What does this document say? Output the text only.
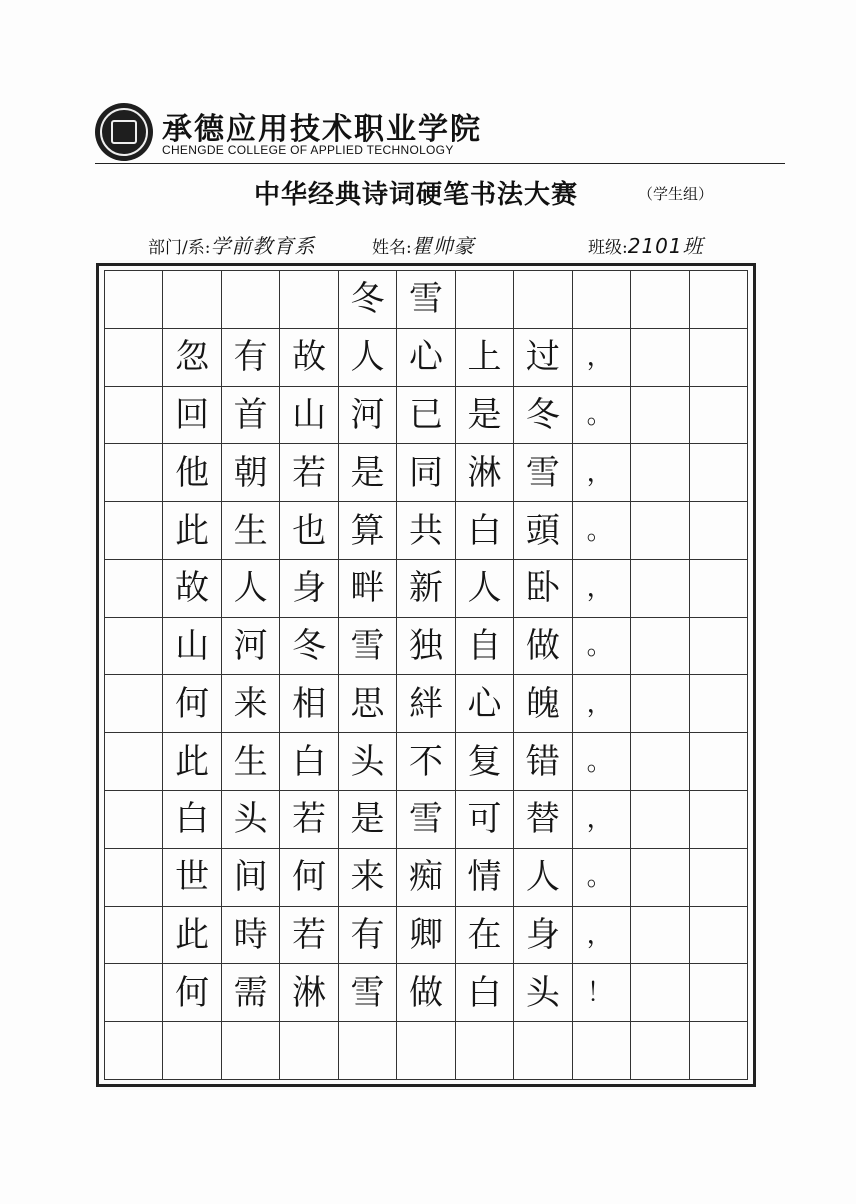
承德应用技术职业学院
CHENGDE COLLEGE OF APPLIED TECHNOLOGY
中华经典诗词硬笔书法大赛	（学生组）
部门/系:学前教育系	姓名:瞿帅豪	班级:2101班
冬 雪
忽 有 故 人 心 上 过	，
回 首 山 河 已 是 冬	。
他 朝 若 是 同 淋 雪	，
此 生 也 算 共 白 頭	。
故 人 身 畔 新 人 卧	，
山 河 冬 雪 独 自 做	。
何 来 相 思 絆 心 魄	，
此 生 白 头 不 复 错	。
白 头 若 是 雪 可 替	，
世 间 何 来 痴 情 人	。
此 時 若 有 卿 在 身	，
何 需 淋 雪 做 白 头	！
